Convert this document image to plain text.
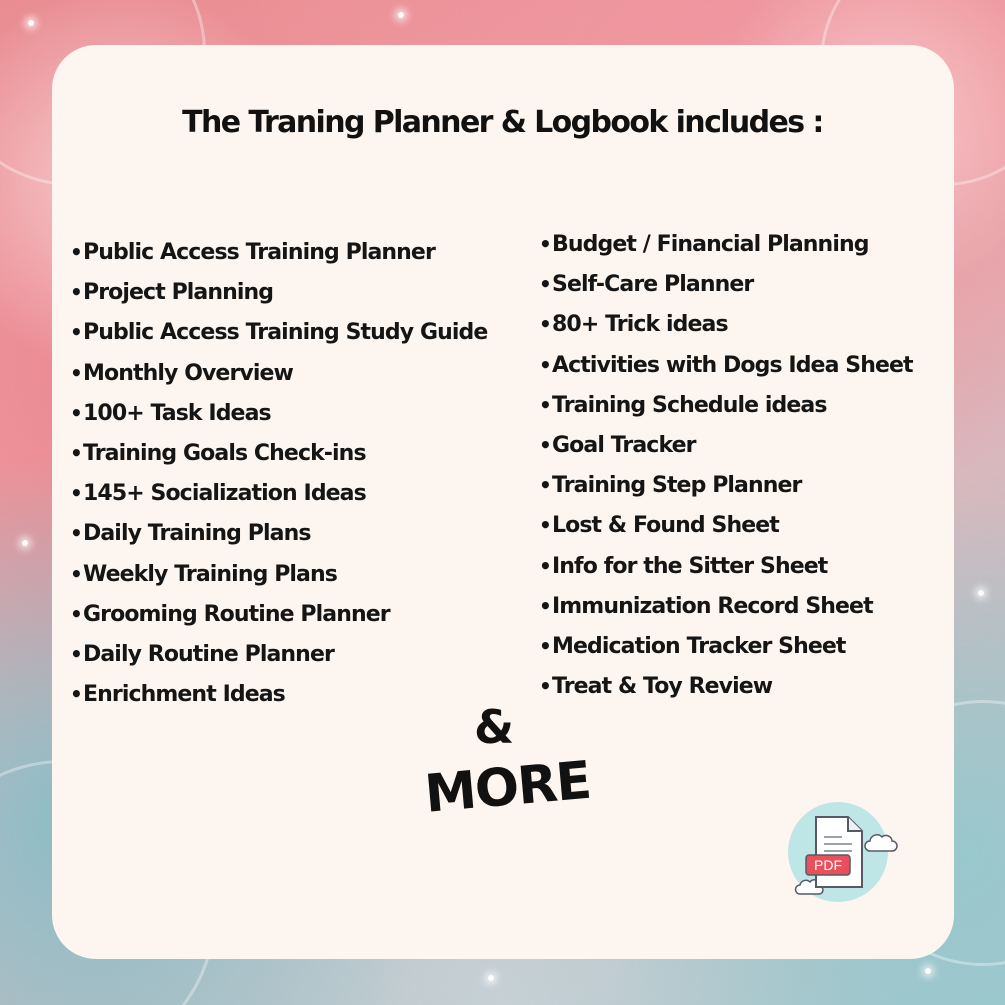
The Traning Planner & Logbook includes :
•Public Access Training Planner
•Project Planning
•Public Access Training Study Guide
•Monthly Overview
•100+ Task Ideas
•Training Goals Check-ins
•145+ Socialization Ideas
•Daily Training Plans
•Weekly Training Plans
•Grooming Routine Planner
•Daily Routine Planner
•Enrichment Ideas
•Budget / Financial Planning
•Self-Care Planner
•80+ Trick ideas
•Activities with Dogs Idea Sheet
•Training Schedule ideas
•Goal Tracker
•Training Step Planner
•Lost & Found Sheet
•Info for the Sitter Sheet
•Immunization Record Sheet
•Medication Tracker Sheet
•Treat & Toy Review
&
MORE
PDF
